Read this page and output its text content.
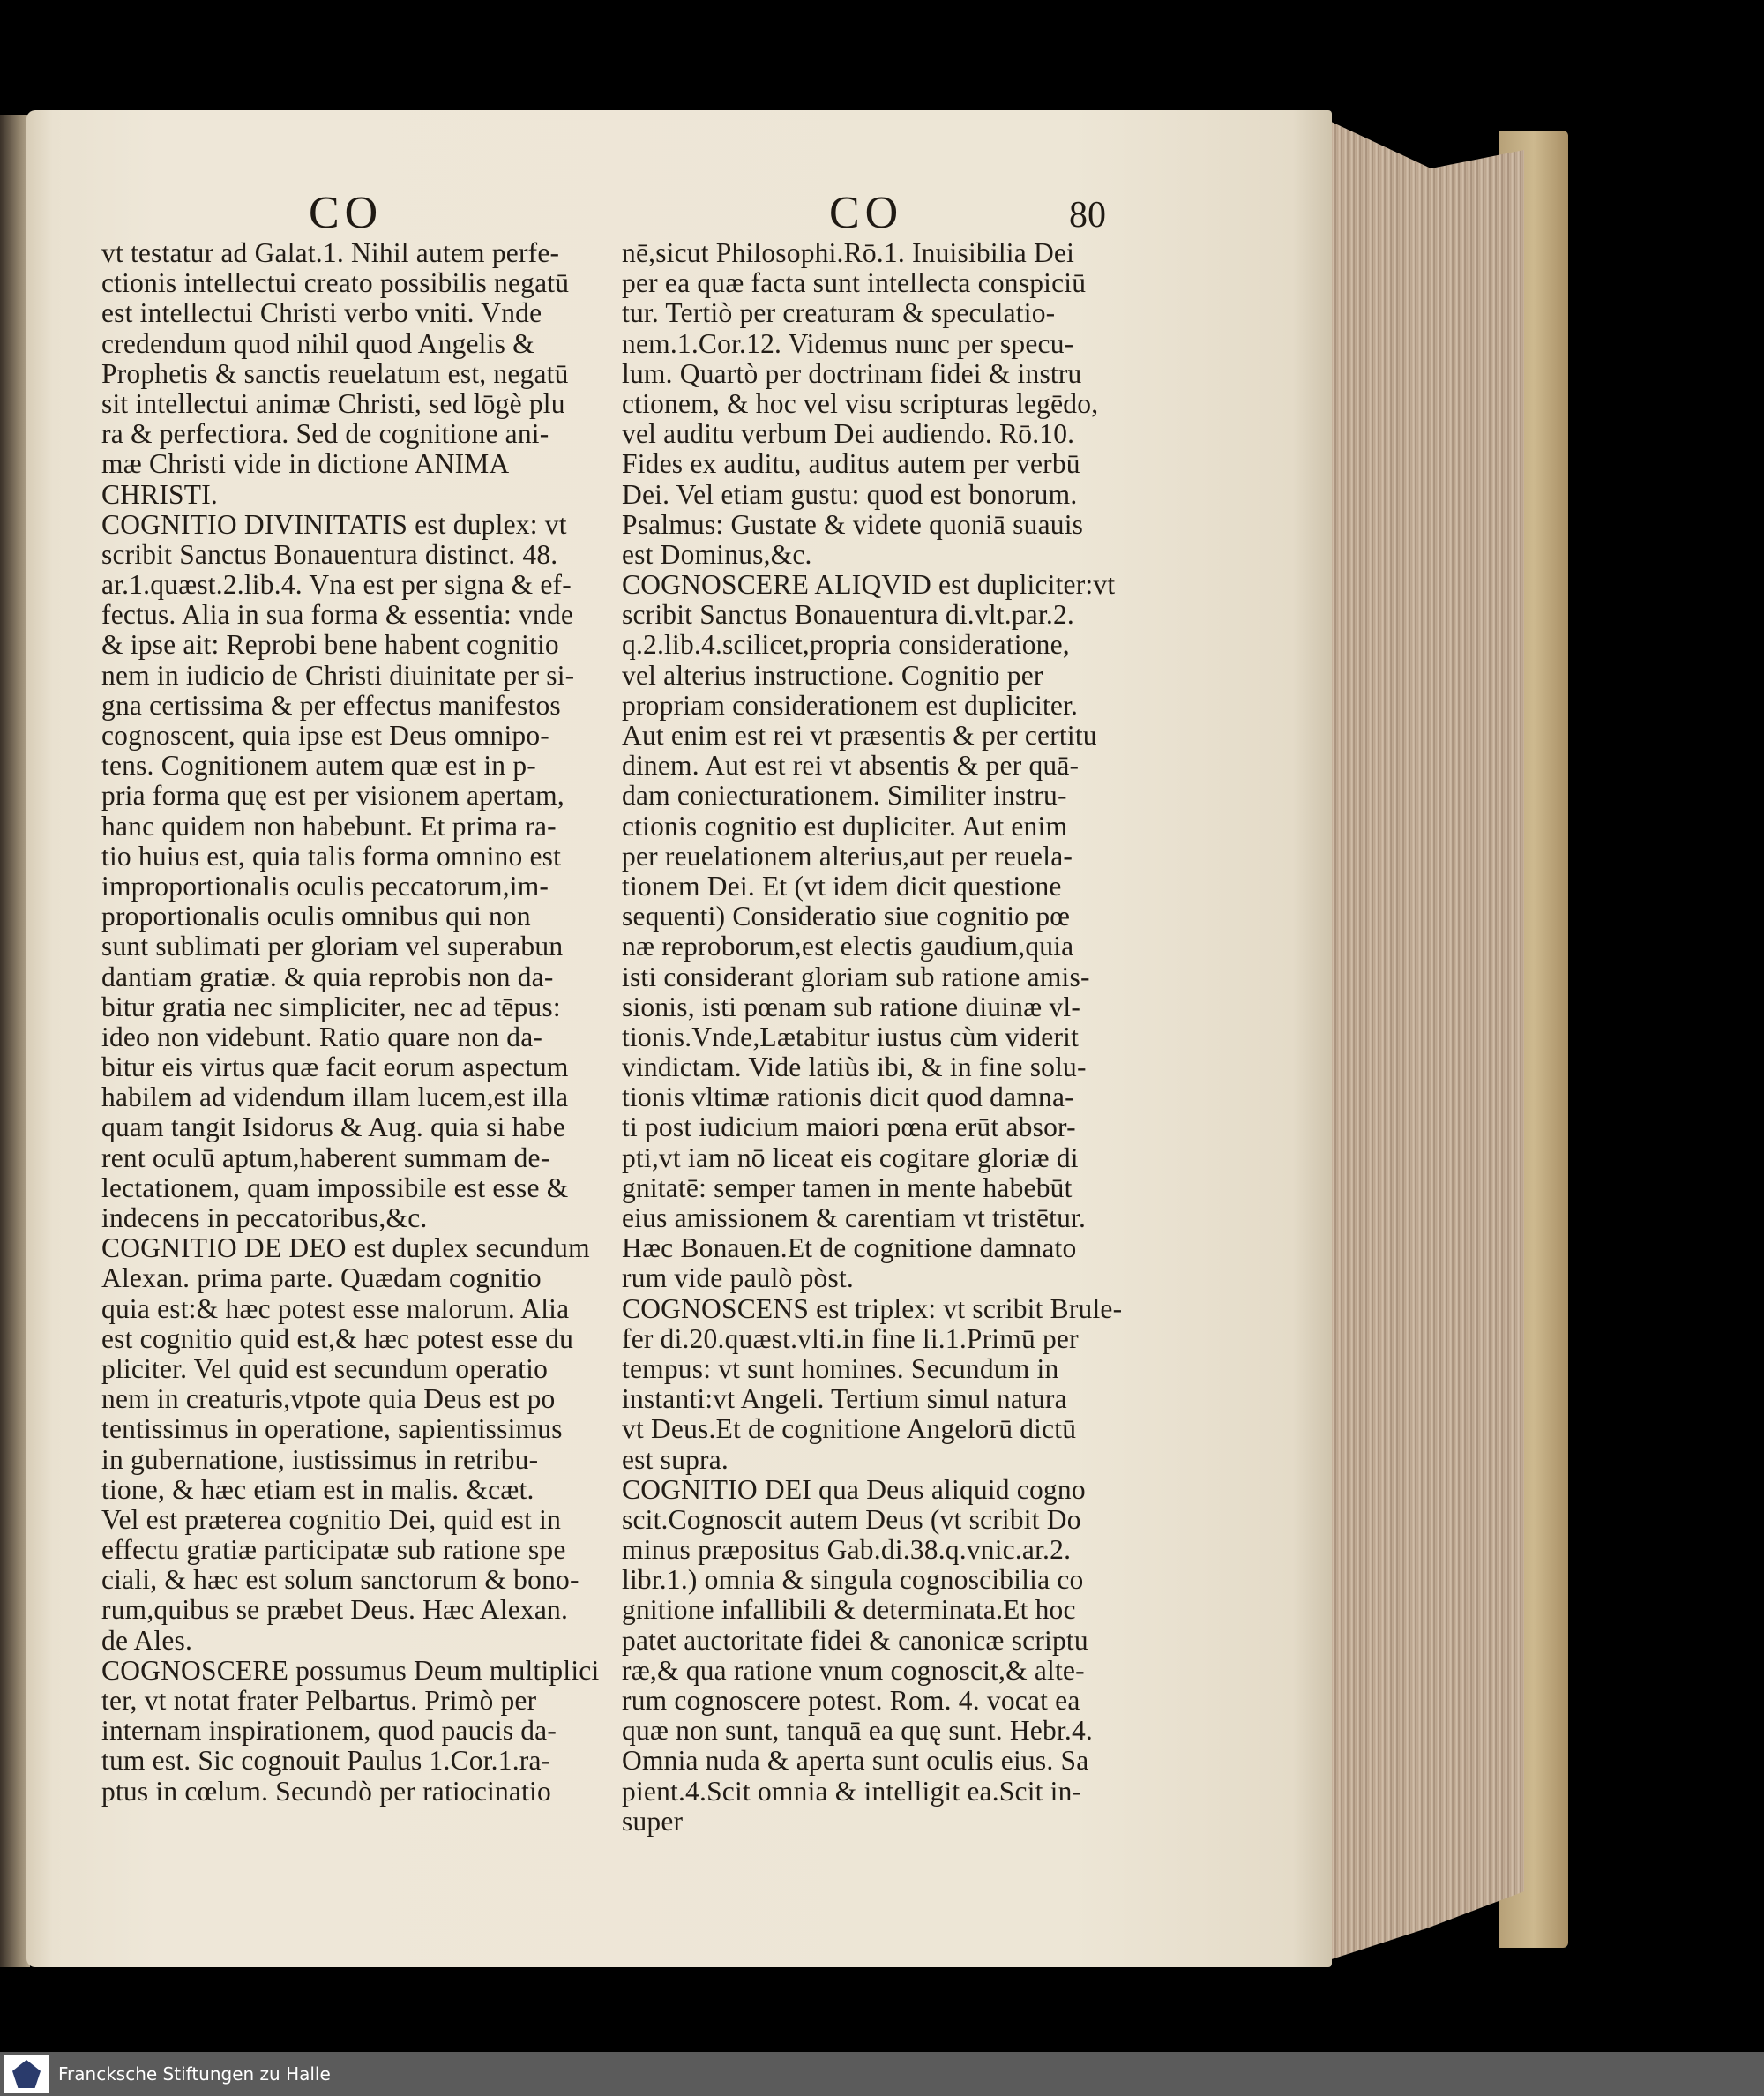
CO	CO	80
vt testatur ad Galat.1. Nihil autem perfe-
ctionis intellectui creato possibilis negatū
est intellectui Christi verbo vniti. Vnde
credendum quod nihil quod Angelis &
Prophetis & sanctis reuelatum est, negatū
sit intellectui animæ Christi, sed lōgè plu
ra & perfectiora. Sed de cognitione ani-
mæ Christi vide in dictione ANIMA
CHRISTI.
COGNITIO DIVINITATIS est duplex: vt
scribit Sanctus Bonauentura distinct. 48.
ar.1.quæst.2.lib.4. Vna est per signa & ef-
fectus. Alia in sua forma & essentia: vnde
& ipse ait: Reprobi bene habent cognitio
nem in iudicio de Christi diuinitate per si-
gna certissima & per effectus manifestos
cognoscent, quia ipse est Deus omnipo-
tens. Cognitionem autem quæ est in p-
pria forma quę est per visionem apertam,
hanc quidem non habebunt. Et prima ra-
tio huius est, quia talis forma omnino est
improportionalis oculis peccatorum,im-
proportionalis oculis omnibus qui non
sunt sublimati per gloriam vel superabun
dantiam gratiæ. & quia reprobis non da-
bitur gratia nec simpliciter, nec ad tēpus:
ideo non videbunt. Ratio quare non da-
bitur eis virtus quæ facit eorum aspectum
habilem ad videndum illam lucem,est illa
quam tangit Isidorus & Aug. quia si habe
rent oculū aptum,haberent summam de-
lectationem, quam impossibile est esse &
indecens in peccatoribus,&c.
COGNITIO DE DEO est duplex secundum
Alexan. prima parte. Quædam cognitio
quia est:& hæc potest esse malorum. Alia
est cognitio quid est,& hæc potest esse du
pliciter. Vel quid est secundum operatio
nem in creaturis,vtpote quia Deus est po
tentissimus in operatione, sapientissimus
in gubernatione, iustissimus in retribu-
tione, & hæc etiam est in malis. &cæt.
Vel est præterea cognitio Dei, quid est in
effectu gratiæ participatæ sub ratione spe
ciali, & hæc est solum sanctorum & bono-
rum,quibus se præbet Deus. Hæc Alexan.
de Ales.
COGNOSCERE possumus Deum multiplici
ter, vt notat frater Pelbartus. Primò per
internam inspirationem, quod paucis da-
tum est. Sic cognouit Paulus 1.Cor.1.ra-
ptus in cœlum. Secundò per ratiocinatio
nē,sicut Philosophi.Rō.1. Inuisibilia Dei
per ea quæ facta sunt intellecta conspiciū
tur. Tertiò per creaturam & speculatio-
nem.1.Cor.12. Videmus nunc per specu-
lum. Quartò per doctrinam fidei & instru
ctionem, & hoc vel visu scripturas legēdo,
vel auditu verbum Dei audiendo. Rō.10.
Fides ex auditu, auditus autem per verbū
Dei. Vel etiam gustu: quod est bonorum.
Psalmus: Gustate & videte quoniā suauis
est Dominus,&c.
COGNOSCERE ALIQVID est dupliciter:vt
scribit Sanctus Bonauentura di.vlt.par.2.
q.2.lib.4.scilicet,propria consideratione,
vel alterius instructione. Cognitio per
propriam considerationem est dupliciter.
Aut enim est rei vt præsentis & per certitu
dinem. Aut est rei vt absentis & per quā-
dam coniecturationem. Similiter instru-
ctionis cognitio est dupliciter. Aut enim
per reuelationem alterius,aut per reuela-
tionem Dei. Et (vt idem dicit questione
sequenti) Consideratio siue cognitio pœ
næ reproborum,est electis gaudium,quia
isti considerant gloriam sub ratione amis-
sionis, isti pœnam sub ratione diuinæ vl-
tionis.Vnde,Lætabitur iustus cùm viderit
vindictam. Vide latiùs ibi, & in fine solu-
tionis vltimæ rationis dicit quod damna-
ti post iudicium maiori pœna erūt absor-
pti,vt iam nō liceat eis cogitare gloriæ di
gnitatē: semper tamen in mente habebūt
eius amissionem & carentiam vt tristētur.
Hæc Bonauen.Et de cognitione damnato
rum vide paulò pòst.
COGNOSCENS est triplex: vt scribit Brule-
fer di.20.quæst.vlti.in fine li.1.Primū per
tempus: vt sunt homines. Secundum in
instanti:vt Angeli. Tertium simul natura
vt Deus.Et de cognitione Angelorū dictū
est supra.
COGNITIO DEI qua Deus aliquid cogno
scit.Cognoscit autem Deus (vt scribit Do
minus præpositus Gab.di.38.q.vnic.ar.2.
libr.1.) omnia & singula cognoscibilia co
gnitione infallibili & determinata.Et hoc
patet auctoritate fidei & canonicæ scriptu
ræ,& qua ratione vnum cognoscit,& alte-
rum cognoscere potest. Rom. 4. vocat ea
quæ non sunt, tanquā ea quę sunt. Hebr.4.
Omnia nuda & aperta sunt oculis eius. Sa
pient.4.Scit omnia & intelligit ea.Scit in-
super
Francksche Stiftungen zu Halle
